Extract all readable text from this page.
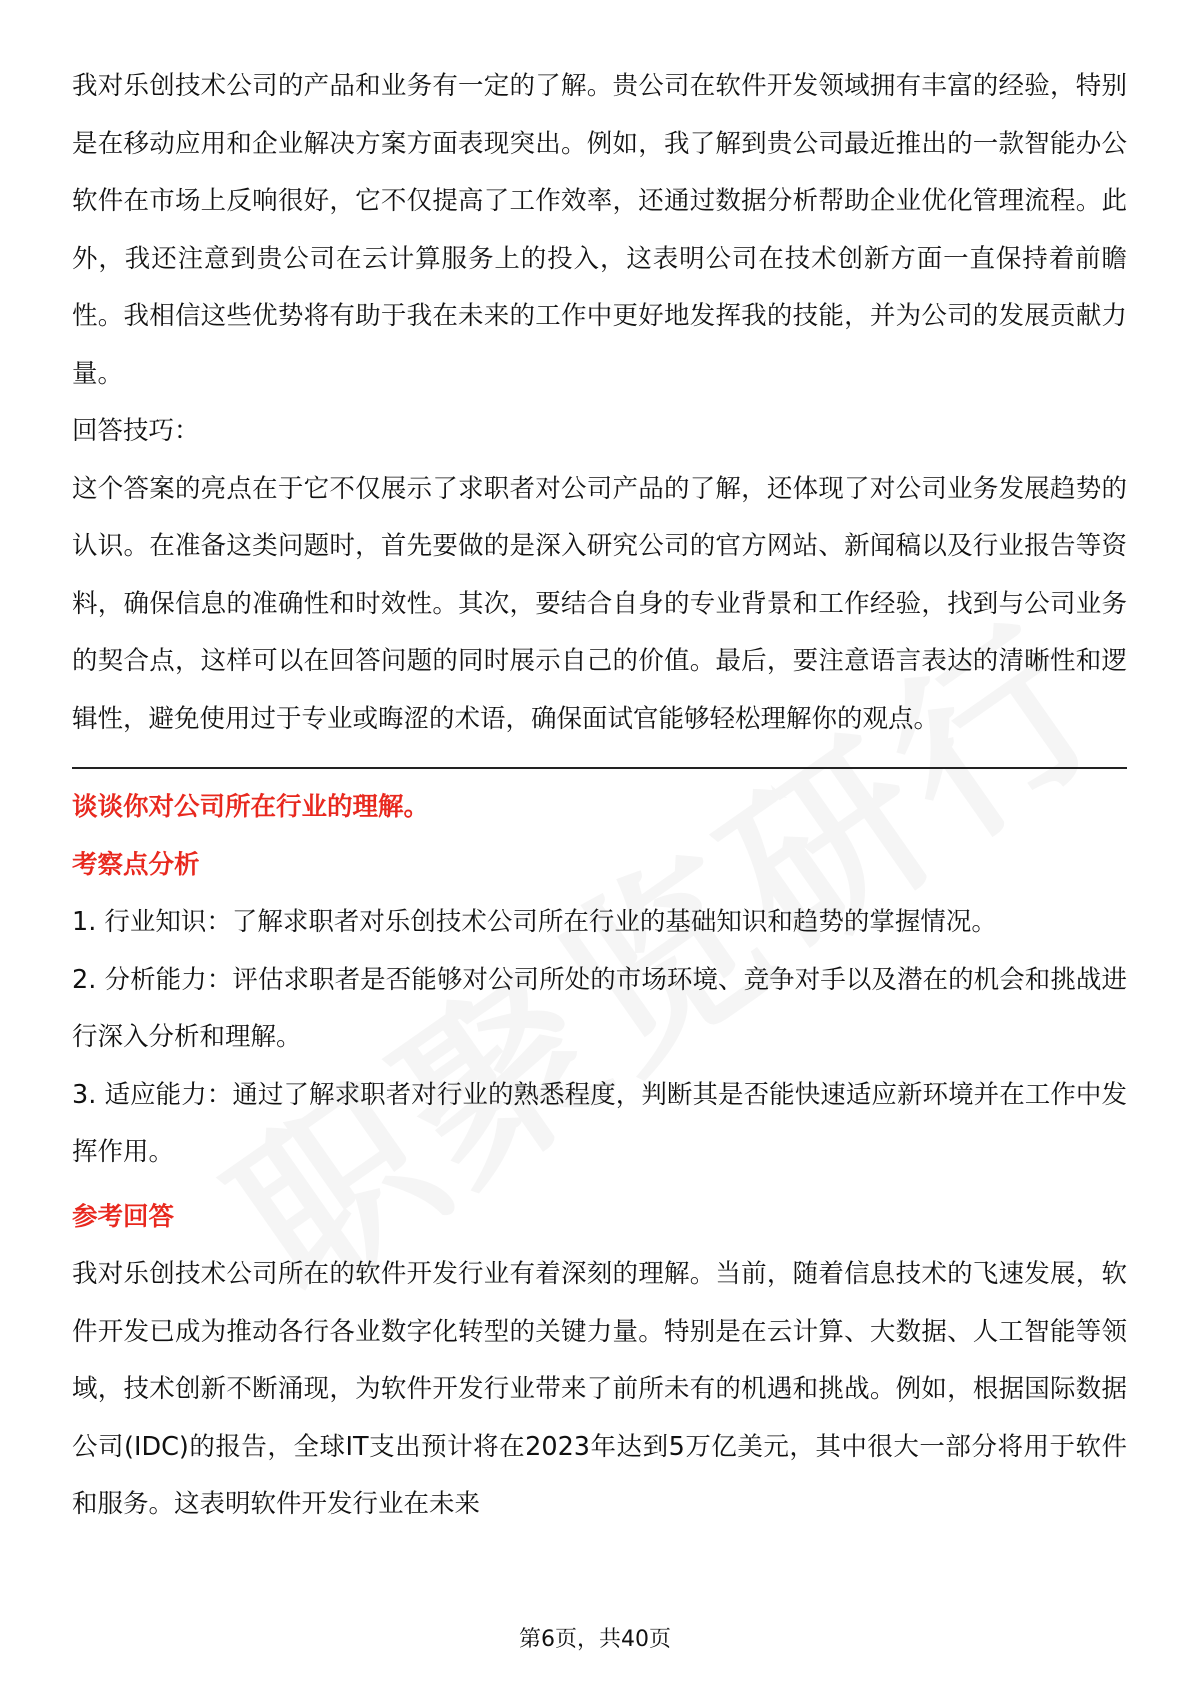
我对乐创技术公司的产品和业务有一定的了解。贵公司在软件开发领域拥有丰富的经验，特别是在移动应用和企业解决方案方面表现突出。例如，我了解到贵公司最近推出的一款智能办公软件在市场上反响很好，它不仅提高了工作效率，还通过数据分析帮助企业优化管理流程。此外，我还注意到贵公司在云计算服务上的投入，这表明公司在技术创新方面一直保持着前瞻性。我相信这些优势将有助于我在未来的工作中更好地发挥我的技能，并为公司的发展贡献力量。

回答技巧：

这个答案的亮点在于它不仅展示了求职者对公司产品的了解，还体现了对公司业务发展趋势的认识。在准备这类问题时，首先要做的是深入研究公司的官方网站、新闻稿以及行业报告等资料，确保信息的准确性和时效性。其次，要结合自身的专业背景和工作经验，找到与公司业务的契合点，这样可以在回答问题的同时展示自己的价值。最后，要注意语言表达的清晰性和逻辑性，避免使用过于专业或晦涩的术语，确保面试官能够轻松理解你的观点。

谈谈你对公司所在行业的理解。
考察点分析
1. 行业知识：了解求职者对乐创技术公司所在行业的基础知识和趋势的掌握情况。
2. 分析能力：评估求职者是否能够对公司所处的市场环境、竞争对手以及潜在的机会和挑战进行深入分析和理解。
3. 适应能力：通过了解求职者对行业的熟悉程度，判断其是否能快速适应新环境并在工作中发挥作用。
参考回答

我对乐创技术公司所在的软件开发行业有着深刻的理解。当前，随着信息技术的飞速发展，软件开发已成为推动各行各业数字化转型的关键力量。特别是在云计算、大数据、人工智能等领域，技术创新不断涌现，为软件开发行业带来了前所未有的机遇和挑战。例如，根据国际数据公司(IDC)的报告，全球IT支出预计将在2023年达到5万亿美元，其中很大一部分将用于软件和服务。这表明软件开发行业在未来

第6页，共40页
